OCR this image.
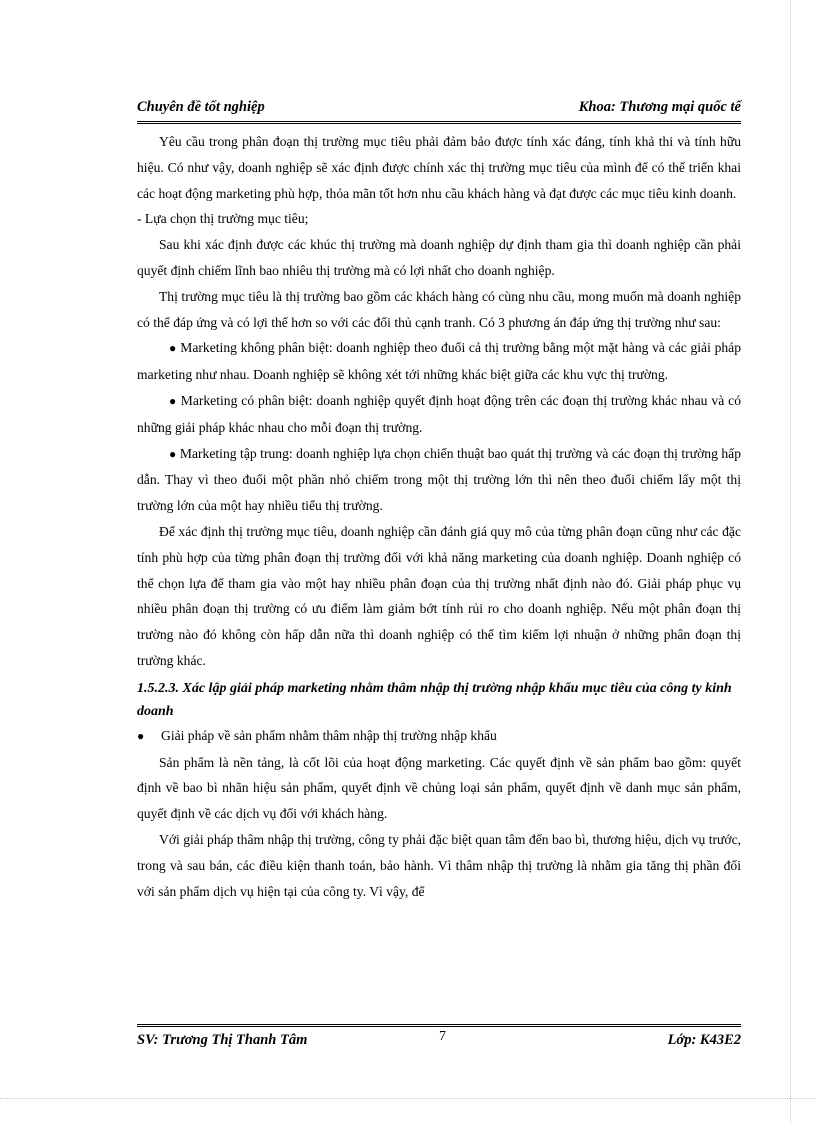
Chuyên đề tốt nghiệp	Khoa: Thương mại quốc tế

Yêu cầu trong phân đoạn thị trường mục tiêu phải đảm bảo được tính xác đáng, tính khả thi và tính hữu hiệu. Có như vậy, doanh nghiệp sẽ xác định được chính xác thị trường mục tiêu của mình để có thể triển khai các hoạt động marketing phù hợp, thỏa mãn tốt hơn nhu cầu khách hàng và đạt được các mục tiêu kinh doanh.

- Lựa chọn thị trường mục tiêu;

Sau khi xác định được các khúc thị trường mà doanh nghiệp dự định tham gia thì doanh nghiệp cần phải quyết định chiếm lĩnh bao nhiêu thị trường mà có lợi nhất cho doanh nghiệp.

Thị trường mục tiêu là thị trường bao gồm các khách hàng có cùng nhu cầu, mong muốn mà doanh nghiệp có thể đáp ứng và có lợi thế hơn so với các đối thủ cạnh tranh. Có 3 phương án đáp ứng thị trường như sau:

● Marketing không phân biệt: doanh nghiệp theo đuổi cả thị trường bằng một mặt hàng và các giải pháp marketing như nhau. Doanh nghiệp sẽ không xét tới những khác biệt giữa các khu vực thị trường.

● Marketing có phân biệt: doanh nghiệp quyết định hoạt động trên các đoạn thị trường khác nhau và có những giải pháp khác nhau cho mỗi đoạn thị trường.

● Marketing tập trung: doanh nghiệp lựa chọn chiến thuật bao quát thị trường và các đoạn thị trường hấp dẫn. Thay vì theo đuổi một phần nhỏ chiếm trong một thị trường lớn thì nên theo đuổi chiếm lấy một thị trường lớn của một hay nhiều tiểu thị trường.

Để xác định thị trường mục tiêu, doanh nghiệp cần đánh giá quy mô của từng phân đoạn cũng như các đặc tính phù hợp của từng phân đoạn thị trường đối với khả năng marketing của doanh nghiệp. Doanh nghiệp có thể chọn lựa để tham gia vào một hay nhiều phân đoạn của thị trường nhất định nào đó. Giải pháp phục vụ nhiều phân đoạn thị trường có ưu điểm làm giảm bớt tính rủi ro cho doanh nghiệp. Nếu một phân đoạn thị trường nào đó không còn hấp dẫn nữa thì doanh nghiệp có thể tìm kiếm lợi nhuận ở những phân đoạn thị trường khác.

1.5.2.3. Xác lập giải pháp marketing nhằm thâm nhập thị trường nhập khẩu mục tiêu của công ty kinh doanh

● Giải pháp về sản phẩm nhằm thâm nhập thị trường nhập khẩu

Sản phẩm là nền tảng, là cốt lõi của hoạt động marketing. Các quyết định về sản phẩm bao gồm: quyết định về bao bì nhãn hiệu sản phẩm, quyết định về chủng loại sản phẩm, quyết định về danh mục sản phẩm, quyết định về các dịch vụ đối với khách hàng.

Với giải pháp thâm nhập thị trường, công ty phải đặc biệt quan tâm đến bao bì, thương hiệu, dịch vụ trước, trong và sau bán, các điều kiện thanh toán, bảo hành. Vì thâm nhập thị trường là nhằm gia tăng thị phần đối với sản phẩm dịch vụ hiện tại của công ty. Vì vậy, để

SV: Trương Thị Thanh Tâm	7	Lớp: K43E2
